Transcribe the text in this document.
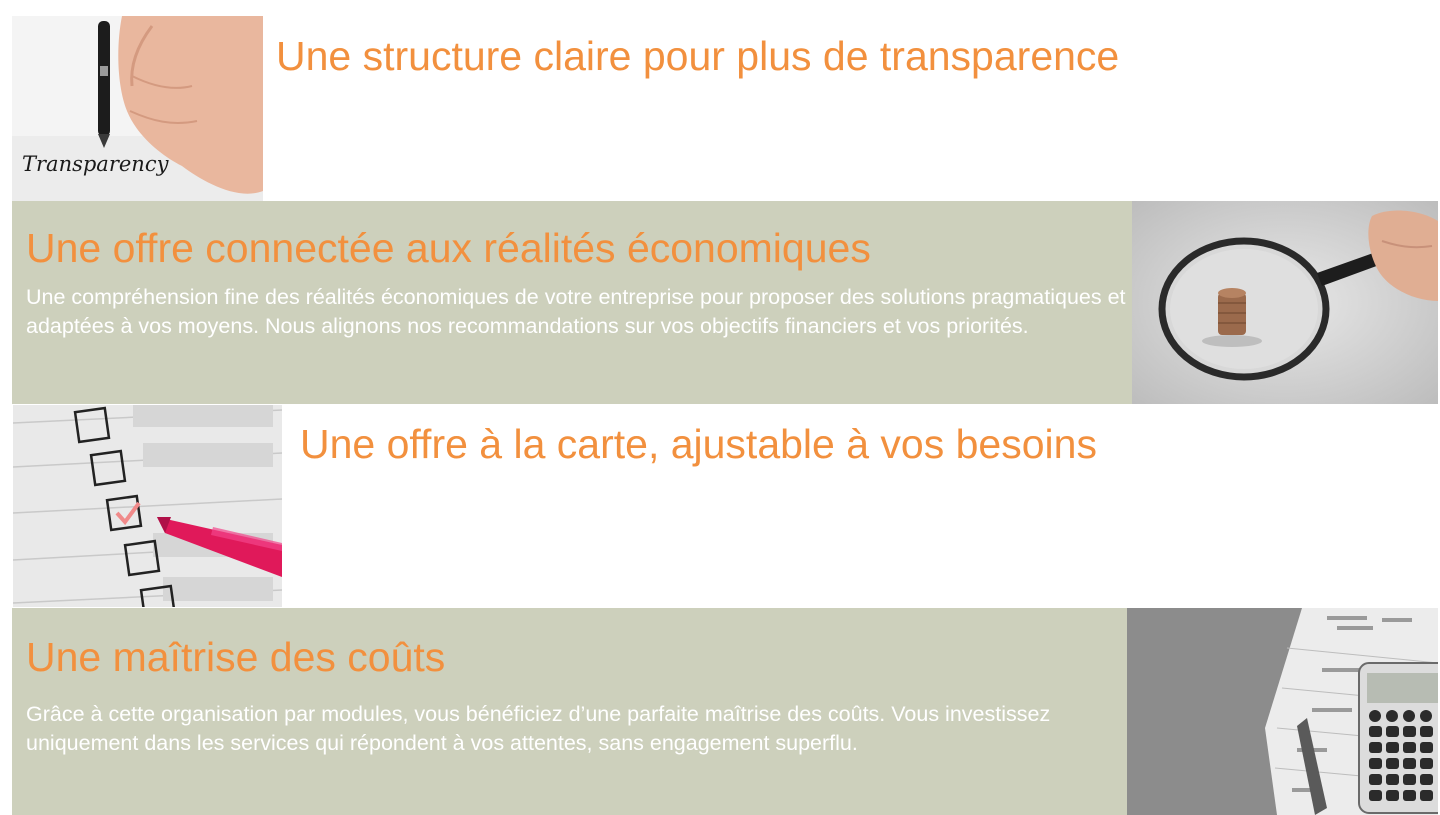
Transparency
Une structure claire pour plus de transparence

Une offre connectée aux réalités économiques

Une compréhension fine des réalités économiques de votre entreprise pour proposer des solutions pragmatiques et adaptées à vos moyens. Nous alignons nos recommandations sur vos objectifs financiers et vos priorités.

Une offre à la carte, ajustable à vos besoins

Une maîtrise des coûts

Grâce à cette organisation par modules, vous bénéficiez d’une parfaite maîtrise des coûts. Vous investissez uniquement dans les services qui répondent à vos attentes, sans engagement superflu.
